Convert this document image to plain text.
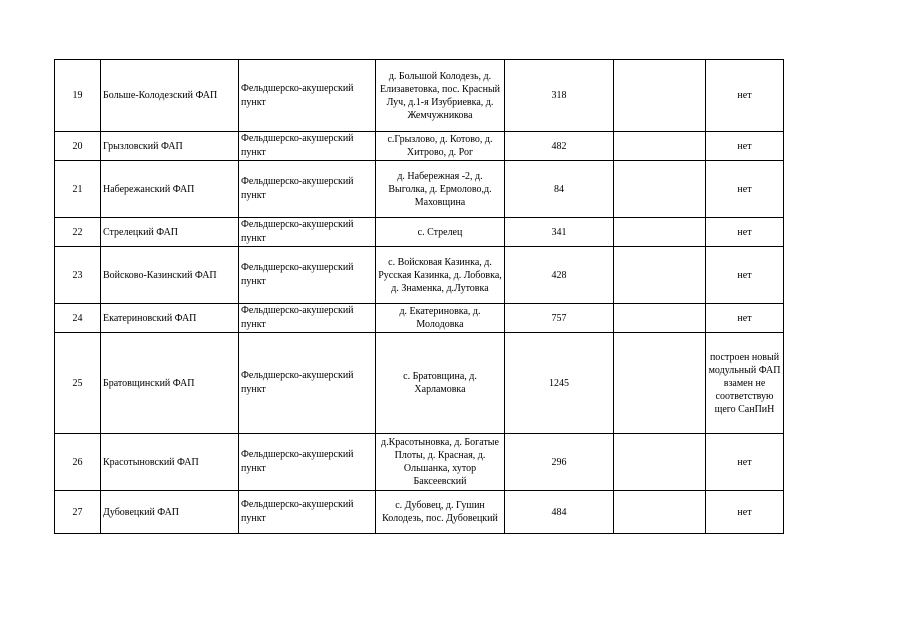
19	Больше-Колодезский ФАП	Фельдшерско-акушерский пункт	д. Большой Колодезь, д. Елизаветовка, пос. Красный Луч, д.1-я Изубриевка, д. Жемчужникова	318		нет
20	Грызловский ФАП	Фельдшерско-акушерский пункт	с.Грызлово, д. Котово, д. Хитрово, д. Рог	482		нет
21	Набережанский ФАП	Фельдшерско-акушерский пункт	д. Набережная -2, д. Выголка, д. Ермолово,д. Маховщина	84		нет
22	Стрелецкий ФАП	Фельдшерско-акушерский пункт	с. Стрелец	341		нет
23	Войсково-Казинский ФАП	Фельдшерско-акушерский пункт	с. Войсковая Казинка, д. Русская Казинка, д. Лобовка, д. Знаменка, д.Лутовка	428		нет
24	Екатериновский ФАП	Фельдшерско-акушерский пункт	д. Екатериновка, д. Молодовка	757		нет
25	Братовщинский ФАП	Фельдшерско-акушерский пункт	с. Братовщина, д. Харламовка	1245		построен новый модульный ФАП взамен не соответствую щего СанПиН
26	Красотыновский ФАП	Фельдшерско-акушерский пункт	д.Красотыновка, д. Богатые Плоты, д. Красная, д. Ольшанка, хутор Баксеевский	296		нет
27	Дубовецкий ФАП	Фельдшерско-акушерский пункт	с. Дубовец, д. Гушин Колодезь, пос. Дубовецкий	484		нет
